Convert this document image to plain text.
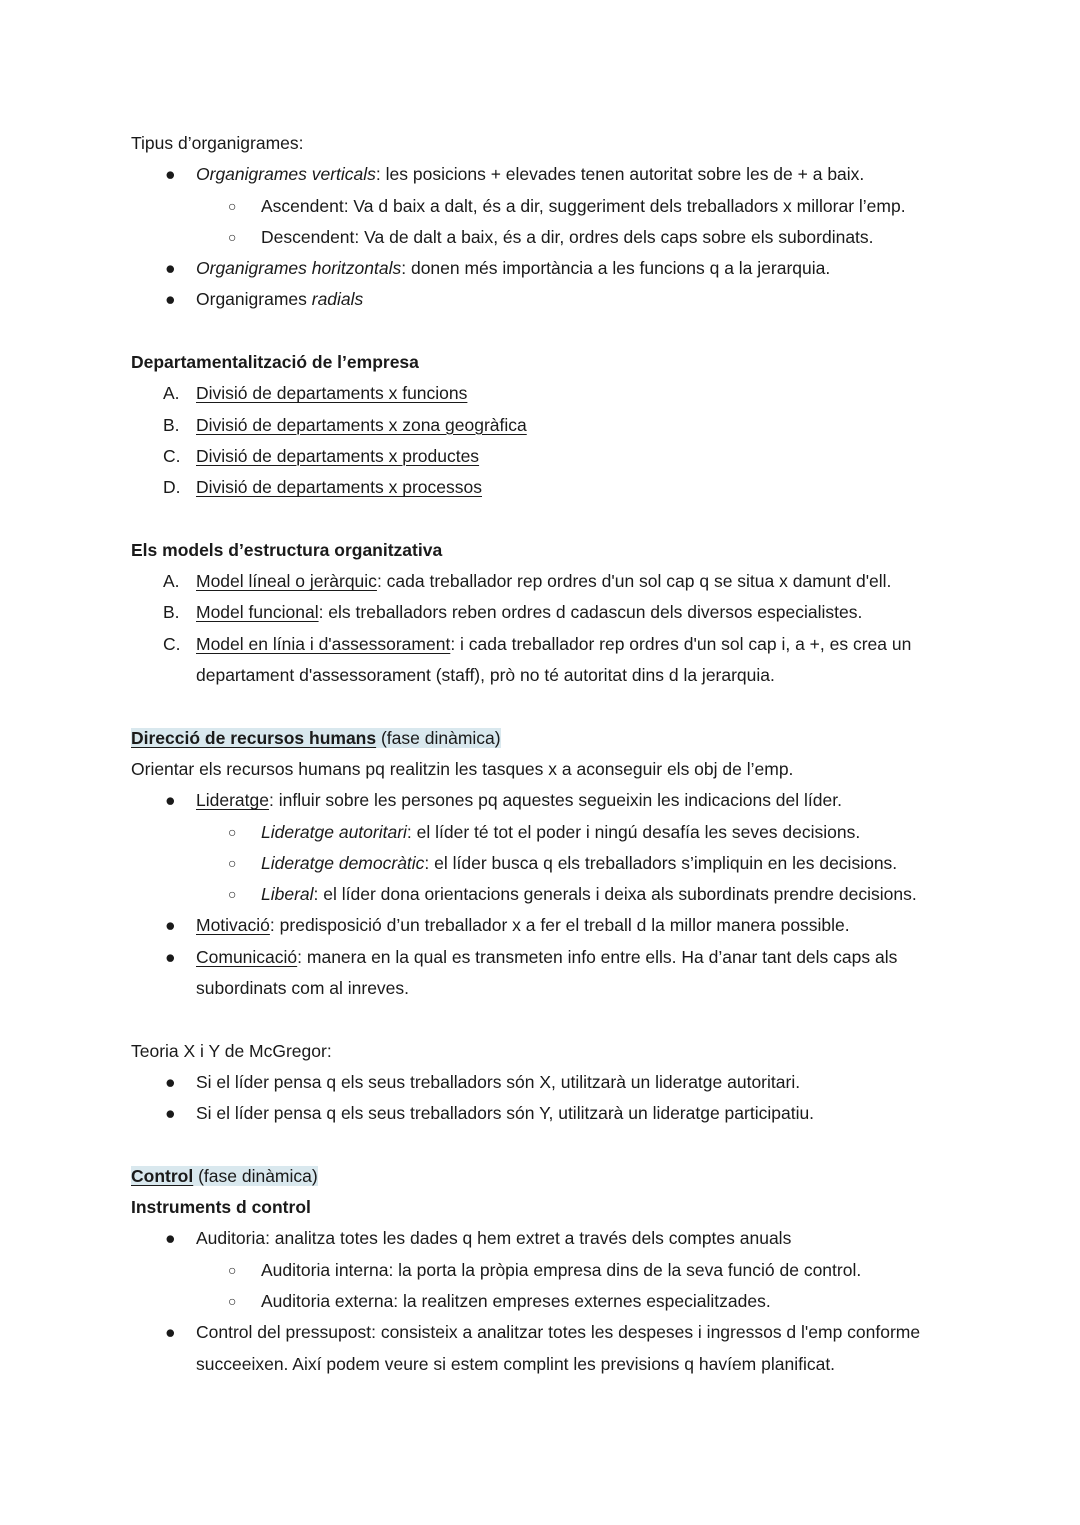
Tipus d’organigrames:
● Organigrames verticals: les posicions + elevades tenen autoritat sobre les de + a baix.
○ Ascendent: Va d baix a dalt, és a dir, suggeriment dels treballadors x millorar l’emp.
○ Descendent: Va de dalt a baix, és a dir, ordres dels caps sobre els subordinats.
● Organigrames horitzontals: donen més importància a les funcions q a la jerarquia.
● Organigrames radials
Departamentalització de l’empresa
A. Divisió de departaments x funcions
B. Divisió de departaments x zona geogràfica
C. Divisió de departaments x productes
D. Divisió de departaments x processos
Els models d’estructura organitzativa
A. Model líneal o jeràrquic: cada treballador rep ordres d'un sol cap q se situa x damunt d'ell.
B. Model funcional: els treballadors reben ordres d cadascun dels diversos especialistes.
C. Model en línia i d'assessorament: i cada treballador rep ordres d'un sol cap i, a +, es crea un
departament d'assessorament (staff), prò no té autoritat dins d la jerarquia.
Direcció de recursos humans (fase dinàmica)
Orientar els recursos humans pq realitzin les tasques x a aconseguir els obj de l’emp.
● Lideratge: influir sobre les persones pq aquestes segueixin les indicacions del líder.
○ Lideratge autoritari: el líder té tot el poder i ningú desafía les seves decisions.
○ Lideratge democràtic: el líder busca q els treballadors s’impliquin en les decisions.
○ Liberal: el líder dona orientacions generals i deixa als subordinats prendre decisions.
● Motivació: predisposició d’un treballador x a fer el treball d la millor manera possible.
● Comunicació: manera en la qual es transmeten info entre ells. Ha d’anar tant dels caps als
subordinats com al inreves.
Teoria X i Y de McGregor:
● Si el líder pensa q els seus treballadors són X, utilitzarà un lideratge autoritari.
● Si el líder pensa q els seus treballadors són Y, utilitzarà un lideratge participatiu.
Control (fase dinàmica)
Instruments d control
● Auditoria: analitza totes les dades q hem extret a través dels comptes anuals
○ Auditoria interna: la porta la pròpia empresa dins de la seva funció de control.
○ Auditoria externa: la realitzen empreses externes especialitzades.
● Control del pressupost: consisteix a analitzar totes les despeses i ingressos d l'emp conforme
succeeixen. Així podem veure si estem complint les previsions q havíem planificat.
